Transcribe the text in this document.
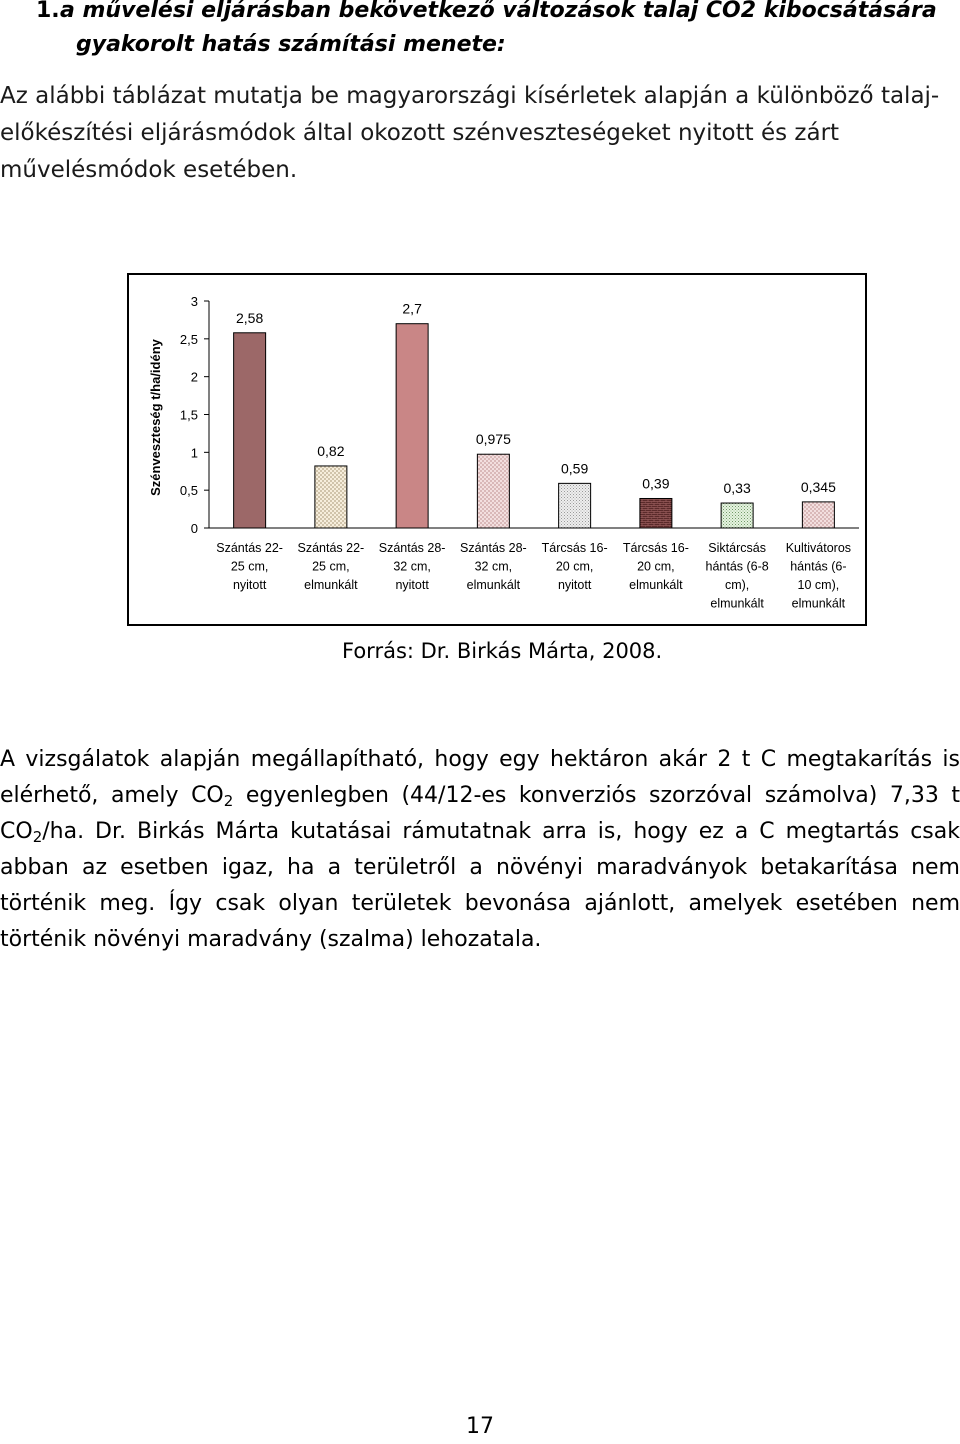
1.a művelési eljárásban bekövetkező változások talaj CO2 kibocsátására
gyakorolt hatás számítási menete:
Az alábbi táblázat mutatja be magyarországi kísérletek alapján a különböző talaj-előkészítési eljárásmódok által okozott szénveszteségeket nyitott és zárt művelésmódok esetében.
3
2,5
2
1,5
1
0,5
0
Szénveszteség t/ha/idény
2,58
Szántás 22-
25 cm,
nyitott
0,82
Szántás 22-
25 cm,
elmunkált
2,7
Szántás 28-
32 cm,
nyitott
0,975
Szántás 28-
32 cm,
elmunkált
0,59
Tárcsás 16-
20 cm,
nyitott
0,39
Tárcsás 16-
20 cm,
elmunkált
0,33
Siktárcsás
hántás (6-8
cm),
elmunkált
0,345
Kultivátoros
hántás (6-
10 cm),
elmunkált
Forrás: Dr. Birkás Márta, 2008.
A vizsgálatok alapján megállapítható, hogy egy hektáron akár 2 t C megtakarítás is elérhető, amely $CO_2$ egyenlegben (44/12-es konverziós szorzóval számolva) 7,33 t $CO_2/ha$. Dr. Birkás Márta kutatásai rámutatnak arra is, hogy ez a C megtartás csak abban az esetben igaz, ha a területről a növényi maradványok betakarítása nem történik meg. Így csak olyan területek bevonása ajánlott, amelyek esetében nem történik növényi maradvány (szalma) lehozatala.
17
